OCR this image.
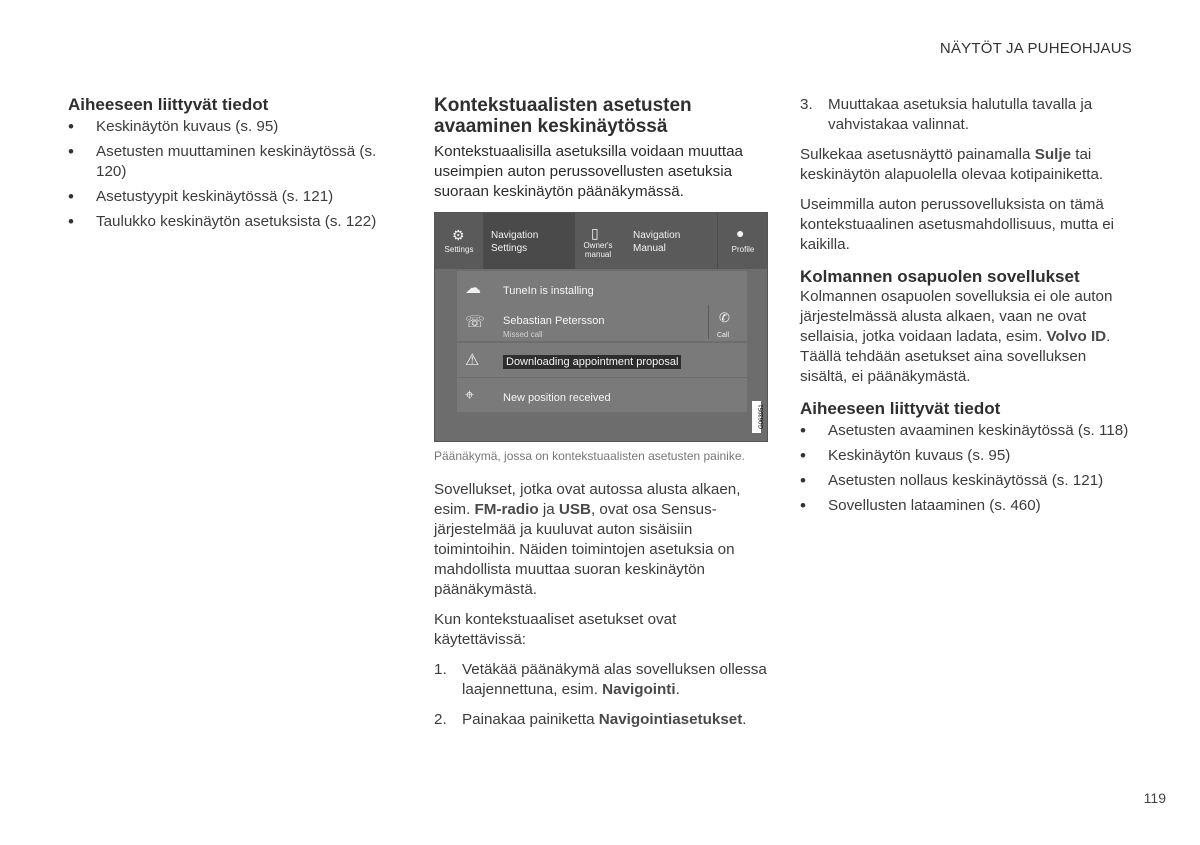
NÄYTÖT JA PUHEOHJAUS
Aiheeseen liittyvät tiedot
• Keskinäytön kuvaus (s. 95)
• Asetusten muuttaminen keskinäytössä (s. 120)
• Asetustyypit keskinäytössä (s. 121)
• Taulukko keskinäytön asetuksista (s. 122)
Kontekstuaalisten asetusten avaaminen keskinäytössä

Kontekstuaalisilla asetuksilla voidaan muuttaa useimpien auton perussovellusten asetuksia suoraan keskinäytön päänäkymässä.

⚙
Settings
Navigation Settings
▯
Owner's manual
Navigation Manual
●
Profile
☁ TuneIn is installing
☏ Sebastian Petersson
Missed call
✆
Call
⚠ Downloading appointment proposal
⌖	New position received
G063951
Päänäkymä, jossa on kontekstuaalisten asetusten painike.

Sovellukset, jotka ovat autossa alusta alkaen, esim. FM-radio ja USB, ovat osa Sensus-järjestelmää ja kuuluvat auton sisäisiin toimintoihin. Näiden toimintojen asetuksia on mahdollista muuttaa suoran keskinäytön päänäkymästä.

Kun kontekstuaaliset asetukset ovat käytettävissä:

1. Vetäkää päänäkymä alas sovelluksen ollessa laajennettuna, esim. Navigointi.
2. Painakaa painiketta Navigointiasetukset.
3. Muuttakaa asetuksia halutulla tavalla ja vahvistakaa valinnat.

Sulkekaa asetusnäyttö painamalla Sulje tai keskinäytön alapuolella olevaa kotipainiketta.

Useimmilla auton perussovelluksista on tämä kontekstuaalinen asetusmahdollisuus, mutta ei kaikilla.

Kolmannen osapuolen sovellukset

Kolmannen osapuolen sovelluksia ei ole auton järjestelmässä alusta alkaen, vaan ne ovat sellaisia, jotka voidaan ladata, esim. Volvo ID. Täällä tehdään asetukset aina sovelluksen sisältä, ei päänäkymästä.

Aiheeseen liittyvät tiedot
• Asetusten avaaminen keskinäytössä (s. 118)
• Keskinäytön kuvaus (s. 95)
• Asetusten nollaus keskinäytössä (s. 121)
• Sovellusten lataaminen (s. 460)
119
